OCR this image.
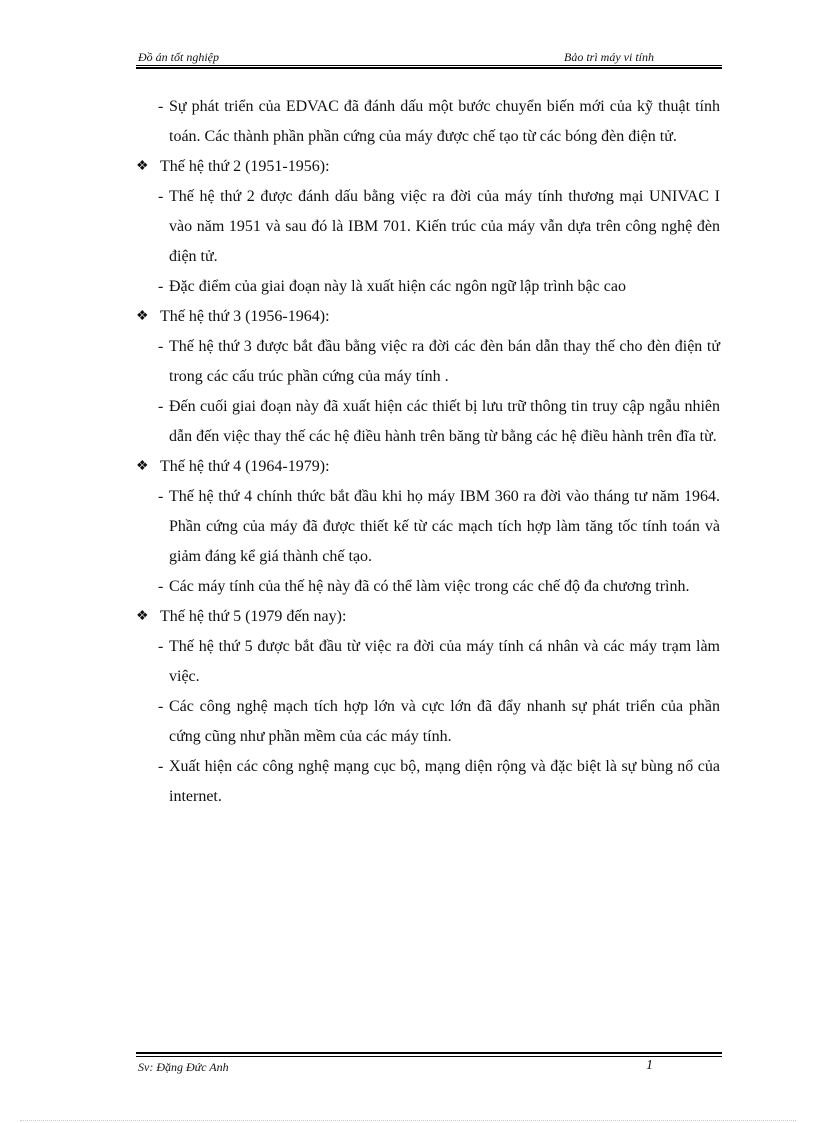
Đồ án tốt nghiệp	Bảo trì máy vi tính
- Sự phát triển của EDVAC đã đánh dấu một bước chuyển biến mới của kỹ thuật tính toán. Các thành phần phần cứng của máy được chế tạo từ các bóng đèn điện tử.
❖ Thế hệ thứ 2 (1951-1956):
- Thế hệ thứ 2 được đánh dấu bằng việc ra đời của máy tính thương mại UNIVAC I vào năm 1951 và sau đó là IBM 701. Kiến trúc của máy vẫn dựa trên công nghệ đèn điện tử.
- Đặc điểm của giai đoạn này là xuất hiện các ngôn ngữ lập trình bậc cao
❖ Thế hệ thứ 3 (1956-1964):
- Thế hệ thứ 3 được bắt đầu bằng việc ra đời các đèn bán dẫn thay thế cho đèn điện tử trong các cấu trúc phần cứng của máy tính .
- Đến cuối giai đoạn này đã xuất hiện các thiết bị lưu trữ thông tin truy cập ngẫu nhiên dẫn đến việc thay thế các hệ điều hành trên băng từ bằng các hệ điều hành trên đĩa từ.
❖ Thế hệ thứ 4 (1964-1979):
- Thế hệ thứ 4 chính thức bắt đầu khi họ máy IBM 360 ra đời vào tháng tư năm 1964. Phần cứng của máy đã được thiết kế từ các mạch tích hợp làm tăng tốc tính toán và giảm đáng kể giá thành chế tạo.
- Các máy tính của thế hệ này đã có thể làm việc trong các chế độ đa chương trình.
❖ Thế hệ thứ 5 (1979 đến nay):
- Thế hệ thứ 5 được bắt đầu từ việc ra đời của máy tính cá nhân và các máy trạm làm việc.
- Các công nghệ mạch tích hợp lớn và cực lớn đã đẩy nhanh sự phát triển của phần cứng cũng như phần mềm của các máy tính.
- Xuất hiện các công nghệ mạng cục bộ, mạng diện rộng và đặc biệt là sự bùng nổ của internet.
Sv: Đặng Đức Anh	1
